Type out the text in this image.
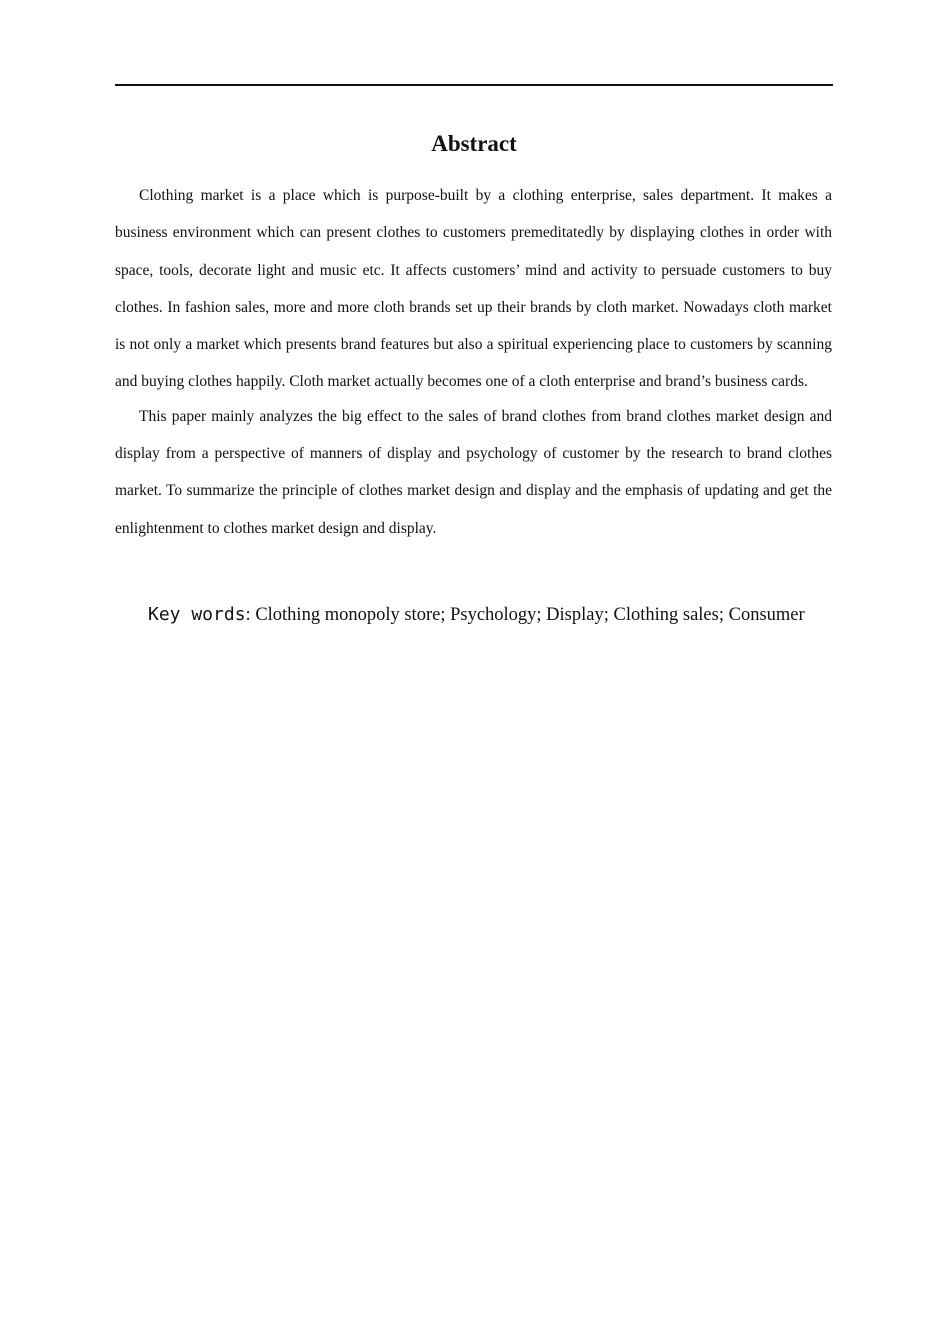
Abstract

Clothing market is a place which is purpose-built by a clothing enterprise, sales department. It makes a business environment which can present clothes to customers premeditatedly by displaying clothes in order with space, tools, decorate light and music etc. It affects customers’ mind and activity to persuade customers to buy clothes. In fashion sales, more and more cloth brands set up their brands by cloth market. Nowadays cloth market is not only a market which presents brand features but also a spiritual experiencing place to customers by scanning and buying clothes happily. Cloth market actually becomes one of a cloth enterprise and brand’s business cards.

This paper mainly analyzes the big effect to the sales of brand clothes from brand clothes market design and display from a perspective of manners of display and psychology of customer by the research to brand clothes market. To summarize the principle of clothes market design and display and the emphasis of updating and get the enlightenment to clothes market design and display.

Key words: Clothing monopoly store; Psychology; Display; Clothing sales; Consumer
